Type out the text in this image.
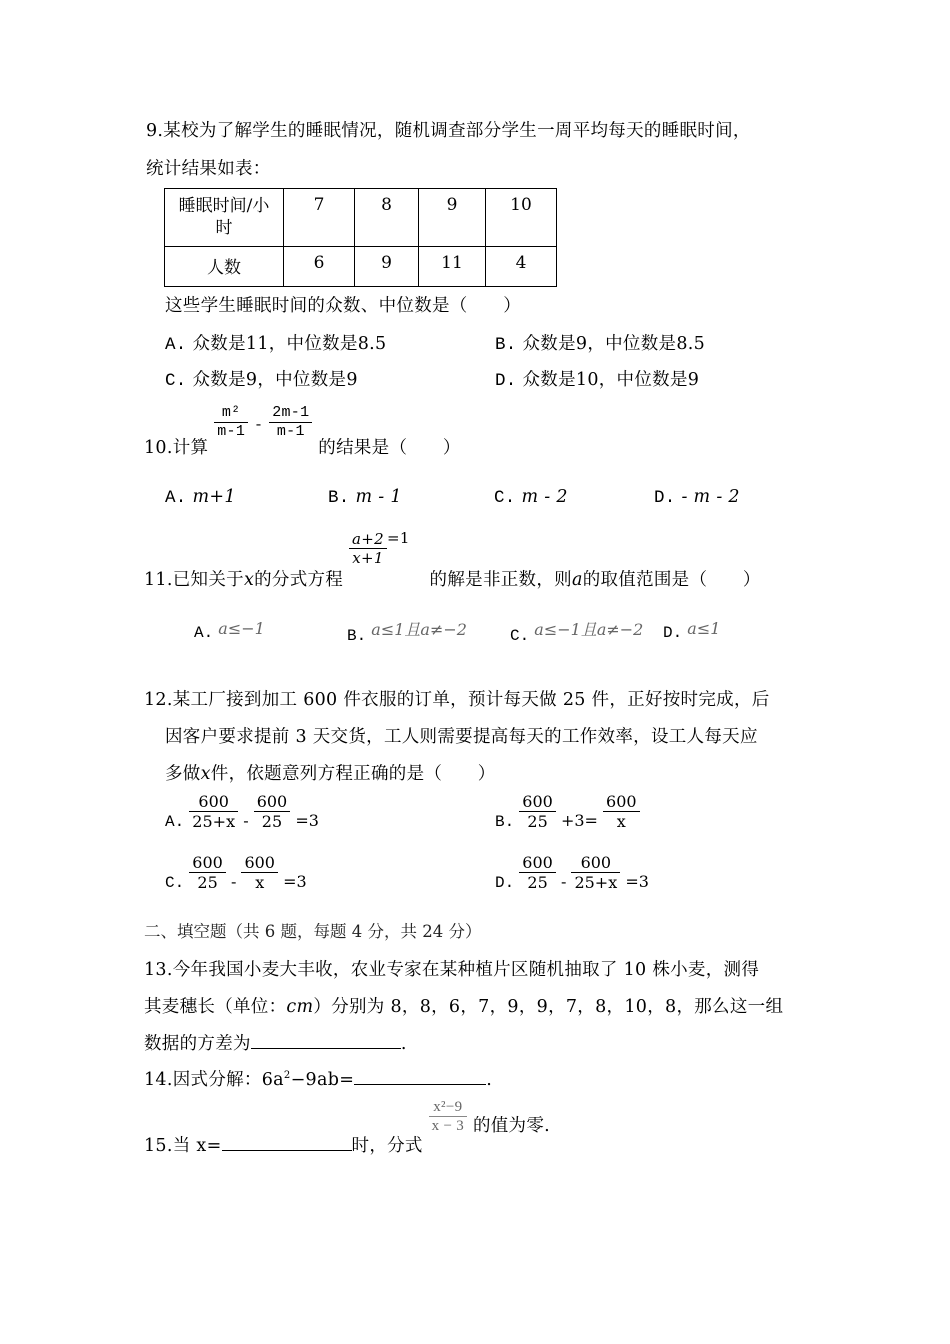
9.某校为了解学生的睡眠情况，随机调查部分学生一周平均每天的睡眠时间，
统计结果如表：
睡眠时间/小
时	7	8	9	10
人数	6	9	11	4
这些学生睡眠时间的众数、中位数是（　　）
A. 众数是11，中位数是8.5	B. 众数是9，中位数是8.5
C. 众数是9，中位数是9	D. 众数是10，中位数是9
10.计算
$\frac{\text{m²}}{m-1} - \frac{2m-1}{m-1}$
的结果是（　　）
A. m+1	B. m - 1	C. m - 2	D. - m - 2
11.已知关于x的分式方程
$\frac{a+2}{x+1} =1$ 的解是非正数，则a的取值范围是（　　）
A. a≤−1	B. a≤1且a≠−2	C. a≤−1且a≠−2 D. a≤1
12.某工厂接到加工 600 件衣服的订单，预计每天做 25 件，正好按时完成，后
因客户要求提前 3 天交货，工人则需要提高每天的工作效率，设工人每天应
多做x件，依题意列方程正确的是（　　）
A. $\frac{600}{25+x} - \frac{600}{25} =3$	B. $\frac{600}{25} +3= \frac{600}{x}$
C. $\frac{600}{25} - \frac{600}{x} =3$	D. $\frac{600}{25} - \frac{600}{25+x} =3$
二、填空题（共 6 题，每题 4 分，共 24 分）
13.今年我国小麦大丰收，农业专家在某种植片区随机抽取了 10 株小麦，测得
其麦穗长（单位：cm）分别为 8，8，6，7，9，9，7，8，10，8，那么这一组
数据的方差为	.
14.因式分解：$6a^2-9ab=$	.
15.当 x=	时，分式
$\frac{\text{x²−9}}{x - 3}$ 的值为零.
